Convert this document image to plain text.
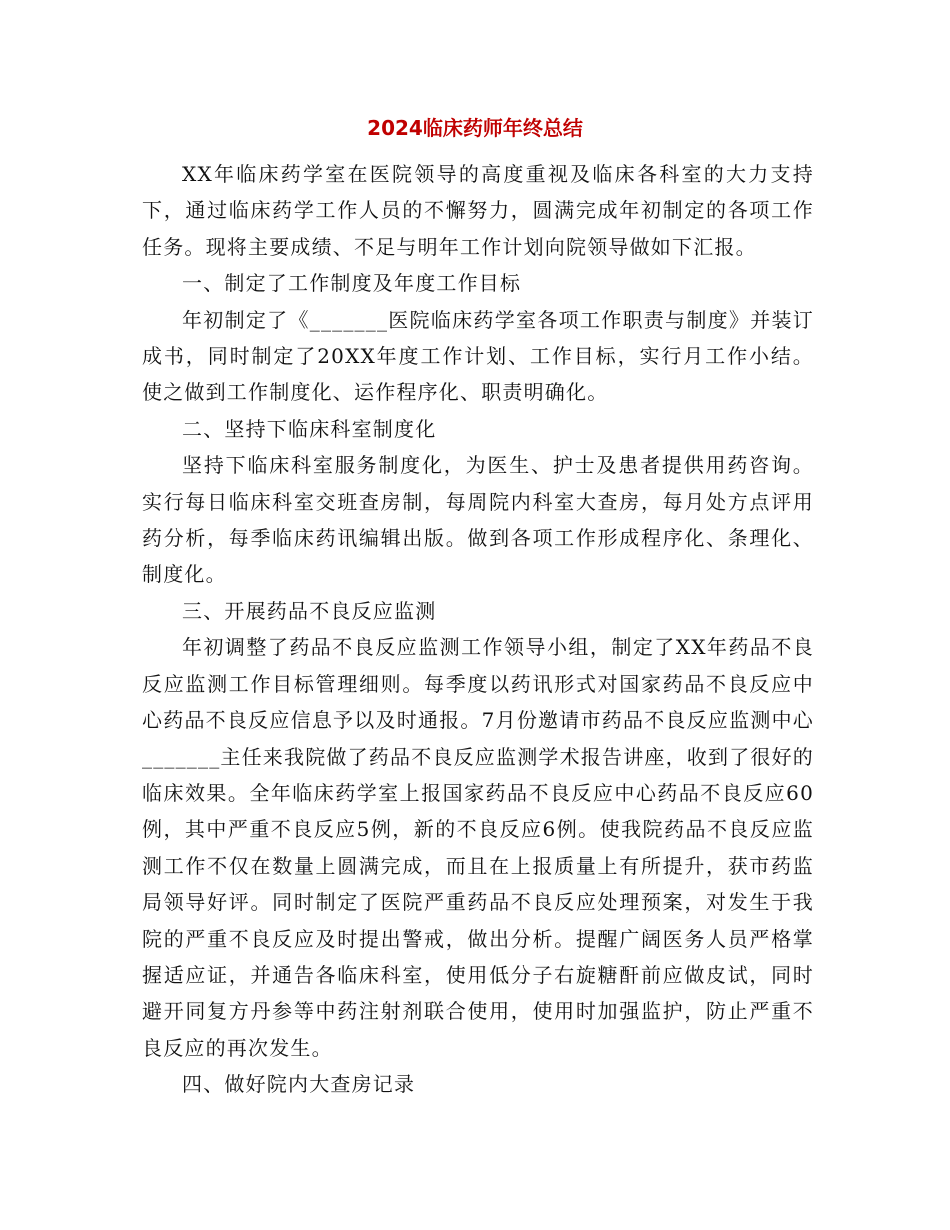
2024临床药师年终总结

XX年临床药学室在医院领导的高度重视及临床各科室的大力支持下，通过临床药学工作人员的不懈努力，圆满完成年初制定的各项工作任务。现将主要成绩、不足与明年工作计划向院领导做如下汇报。

一、制定了工作制度及年度工作目标

年初制定了《_______医院临床药学室各项工作职责与制度》并装订成书，同时制定了20XX年度工作计划、工作目标，实行月工作小结。使之做到工作制度化、运作程序化、职责明确化。

二、坚持下临床科室制度化

坚持下临床科室服务制度化，为医生、护士及患者提供用药咨询。实行每日临床科室交班查房制，每周院内科室大查房，每月处方点评用药分析，每季临床药讯编辑出版。做到各项工作形成程序化、条理化、制度化。

三、开展药品不良反应监测

年初调整了药品不良反应监测工作领导小组，制定了XX年药品不良反应监测工作目标管理细则。每季度以药讯形式对国家药品不良反应中心药品不良反应信息予以及时通报。7月份邀请市药品不良反应监测中心_______主任来我院做了药品不良反应监测学术报告讲座，收到了很好的临床效果。全年临床药学室上报国家药品不良反应中心药品不良反应60例，其中严重不良反应5例，新的不良反应6例。使我院药品不良反应监测工作不仅在数量上圆满完成，而且在上报质量上有所提升，获市药监局领导好评。同时制定了医院严重药品不良反应处理预案，对发生于我院的严重不良反应及时提出警戒，做出分析。提醒广阔医务人员严格掌握适应证，并通告各临床科室，使用低分子右旋糖酐前应做皮试，同时避开同复方丹参等中药注射剂联合使用，使用时加强监护，防止严重不良反应的再次发生。

四、做好院内大查房记录
